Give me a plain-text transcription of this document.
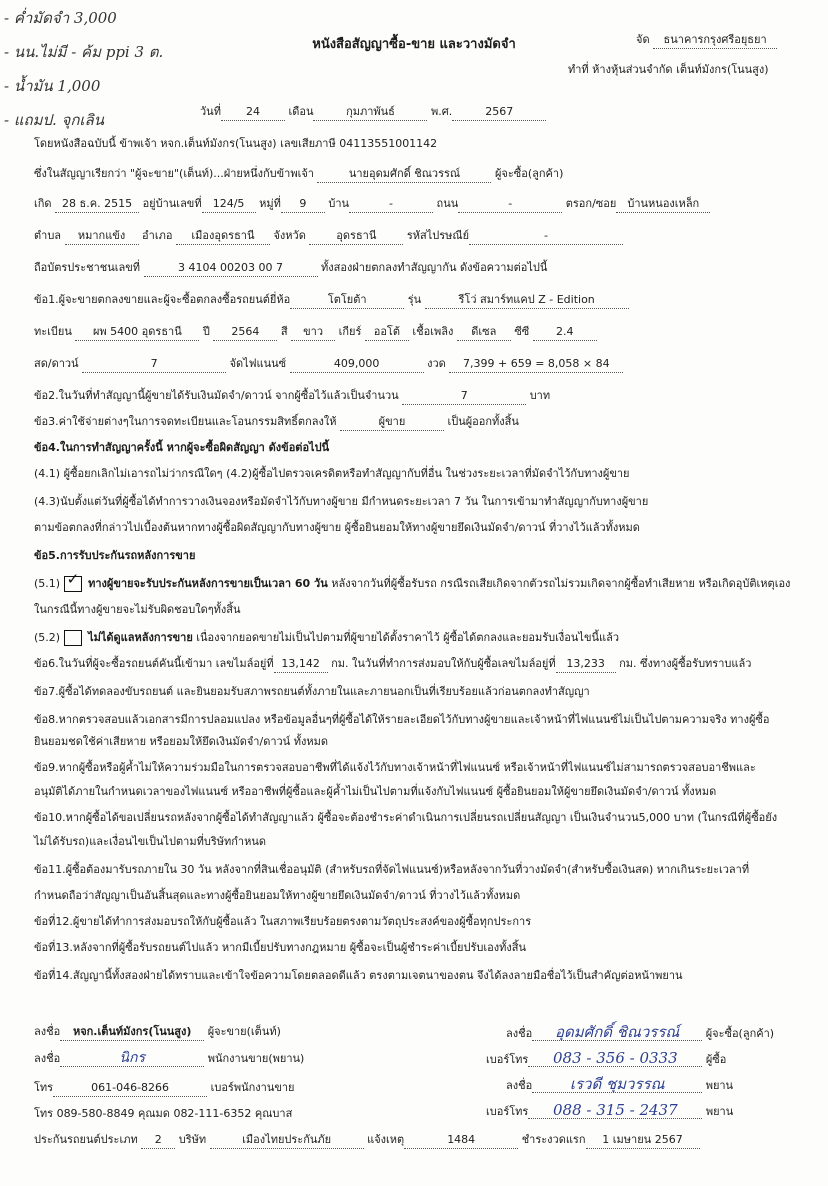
- ค่ำมัดจำ 3,000
- นน.ไม่มี - ค้ม ppi 3 ต.
- น้ำมัน 1,000
- แถมป. จุกเลิน
หนังสือสัญญาซื้อ-ขาย และวางมัดจำ	จัด ธนาคารกรุงศรีอยุธยา
ทำที่ ห้างหุ้นส่วนจำกัด เต็นท์มังกร(โนนสูง)
วันที่ 24	เดือน	กุมภาพันธ์	พ.ศ.	2567
โดยหนังสือฉบับนี้ ข้าพเจ้า หจก.เต็นท์มังกร(โนนสูง) เลขเสียภาษี 04113551001142
ซึ่งในสัญญาเรียกว่า "ผู้จะขาย"(เต็นท์)...ฝ่ายหนึ่งกับข้าพเจ้า	นายอุดมศักดิ์ ชิณวรรณ์	ผู้จะซื้อ(ลูกค้า)
เกิด 28 ธ.ค. 2515 อยู่บ้านเลขที่ 124/5 หมู่ที่ 9 บ้าน	-	ถนน	-	ตรอก/ซอย บ้านหนองเหล็ก
ตำบล หมากแข้ง อำเภอ เมืองอุดรธานี จังหวัด	อุดรธานี	รหัสไปรษณีย์	-
ถือบัตรประชาชนเลขที่	3 4104 00203 00 7	ทั้งสองฝ่ายตกลงทำสัญญากัน ดังข้อความต่อไปนี้
ข้อ1.ผู้จะขายตกลงขายและผู้จะซื้อตกลงซื้อรถยนต์ยี่ห้อ	โตโยต้า	รุ่น	รีโว่ สมาร์ทแคป Z - Edition
ทะเบียน ผพ 5400 อุดรธานี ปี 2564 สี ขาว เกียร์ ออโต้ เชื้อเพลิง ดีเซล ซีซี 2.4
สด/ดาวน์	7	จัดไฟแนนซ์	409,000	งวด 7,399 + 659 = 8,058 × 84
ข้อ2.ในวันที่ทำสัญญานี้ผู้ขายได้รับเงินมัดจำ/ดาวน์ จากผู้ซื้อไว้แล้วเป็นจำนวน	7	บาท
ข้อ3.ค่าใช้จ่ายต่างๆในการจดทะเบียนและโอนกรรมสิทธิ์ตกลงให้	ผู้ขาย	เป็นผู้ออกทั้งสิ้น
ข้อ4.ในการทำสัญญาครั้งนี้ หากผู้จะซื้อผิดสัญญา ดังข้อต่อไปนี้
(4.1) ผู้ซื้อยกเลิกไม่เอารถไม่ว่ากรณีใดๆ (4.2)ผู้ซื้อไปตรวจเครดิตหรือทำสัญญากับที่อื่น ในช่วงระยะเวลาที่มัดจำไว้กับทางผู้ขาย
(4.3)นับตั้งแต่วันที่ผู้ซื้อได้ทำการวางเงินจองหรือมัดจำไว้กับทางผู้ขาย มีกำหนดระยะเวลา 7 วัน ในการเข้ามาทำสัญญากับทางผู้ขาย
ตามข้อตกลงที่กล่าวไปเบื้องต้นหากทางผู้ซื้อผิดสัญญากับทางผู้ขาย ผู้ซื้อยินยอมให้ทางผู้ขายยึดเงินมัดจำ/ดาวน์ ที่วางไว้แล้วทั้งหมด
ข้อ5.การรับประกันรถหลังการขาย
(5.1) ✓ ทางผู้ขายจะรับประกันหลังการขายเป็นเวลา 60 วัน หลังจากวันที่ผู้ซื้อรับรถ กรณีรถเสียเกิดจากตัวรถไม่รวมเกิดจากผู้ซื้อทำเสียหาย หรือเกิดอุบัติเหตุเอง
ในกรณีนี้ทางผู้ขายจะไม่รับผิดชอบใดๆทั้งสิ้น
(5.2)	ไม่ได้ดูแลหลังการขาย เนื่องจากยอดขายไม่เป็นไปตามที่ผู้ขายได้ตั้งราคาไว้ ผู้ซื้อได้ตกลงและยอมรับเงื่อนไขนี้แล้ว
ข้อ6.ในวันที่ผู้จะซื้อรถยนต์คันนี้เข้ามา เลขไมล์อยู่ที่ 13,142 กม. ในวันที่ทำการส่งมอบให้กับผู้ซื้อเลขไมล์อยู่ที่ 13,233 กม. ซึ่งทางผู้ซื้อรับทราบแล้ว
ข้อ7.ผู้ซื้อได้ทดลองขับรถยนต์ และยินยอมรับสภาพรถยนต์ทั้งภายในและภายนอกเป็นที่เรียบร้อยแล้วก่อนตกลงทำสัญญา
ข้อ8.หากตรวจสอบแล้วเอกสารมีการปลอมแปลง หรือข้อมูลอื่นๆที่ผู้ซื้อได้ให้รายละเอียดไว้กับทางผู้ขายและเจ้าหน้าที่ไฟแนนซ์ไม่เป็นไปตามความจริง ทางผู้ซื้อ
ยินยอมชดใช้ค่าเสียหาย หรือยอมให้ยึดเงินมัดจำ/ดาวน์ ทั้งหมด
ข้อ9.หากผู้ซื้อหรือผู้ค้ำไม่ให้ความร่วมมือในการตรวจสอบอาชีพที่ได้แจ้งไว้กับทางเจ้าหน้าที่ไฟแนนซ์ หรือเจ้าหน้าที่ไฟแนนซ์ไม่สามารถตรวจสอบอาชีพและ
อนุมัติได้ภายในกำหนดเวลาของไฟแนนซ์ หรืออาชีพที่ผู้ซื้อและผู้ค้ำไม่เป็นไปตามที่แจ้งกับไฟแนนซ์ ผู้ซื้อยินยอมให้ผู้ขายยึดเงินมัดจำ/ดาวน์ ทั้งหมด
ข้อ10.หากผู้ซื้อได้ขอเปลี่ยนรถหลังจากผู้ซื้อได้ทำสัญญาแล้ว ผู้ซื้อจะต้องชำระค่าดำเนินการเปลี่ยนรถเปลี่ยนสัญญา เป็นเงินจำนวน5,000 บาท (ในกรณีที่ผู้ซื้อยัง
ไม่ได้รับรถ)และเงื่อนไขเป็นไปตามที่บริษัทกำหนด
ข้อ11.ผู้ซื้อต้องมารับรถภายใน 30 วัน หลังจากที่สินเชื่ออนุมัติ (สำหรับรถที่จัดไฟแนนซ์)หรือหลังจากวันที่วางมัดจำ(สำหรับซื้อเงินสด) หากเกินระยะเวลาที่
กำหนดถือว่าสัญญาเป็นอันสิ้นสุดและทางผู้ซื้อยินยอมให้ทางผู้ขายยึดเงินมัดจำ/ดาวน์ ที่วางไว้แล้วทั้งหมด
ข้อที่12.ผู้ขายได้ทำการส่งมอบรถให้กับผู้ซื้อแล้ว ในสภาพเรียบร้อยตรงตามวัตถุประสงค์ของผู้ซื้อทุกประการ
ข้อที่13.หลังจากที่ผู้ซื้อรับรถยนต์ไปแล้ว หากมีเบี้ยปรับทางกฎหมาย ผู้ซื้อจะเป็นผู้ชำระค่าเบี้ยปรับเองทั้งสิ้น
ข้อที่14.สัญญานี้ทั้งสองฝ่ายได้ทราบและเข้าใจข้อความโดยตลอดดีแล้ว ตรงตามเจตนาของตน จึงได้ลงลายมือชื่อไว้เป็นสำคัญต่อหน้าพยาน
ลงชื่อ หจก.เต็นท์มังกร(โนนสูง) ผู้จะขาย(เต็นท์)
ลงชื่อ	นิกร	พนักงานขาย(พยาน)
โทร	061-046-8266	เบอร์พนักงานขาย
โทร 089-580-8849 คุณมด 082-111-6352 คุณบาส
ลงชื่อ อุดมศักดิ์ ชิณวรรณ์ ผู้จะซื้อ(ลูกค้า)
เบอร์โทร 083 - 356 - 0333	ผู้ซื้อ
ลงชื่อ	เรวดี ชุมวรรณ	พยาน
เบอร์โทร 088 - 315 - 2437	พยาน
ประกันรถยนต์ประเภท 2 บริษัท	เมืองไทยประกันภัย	แจ้งเหตุ	1484	ชำระงวดแรก 1 เมษายน 2567
